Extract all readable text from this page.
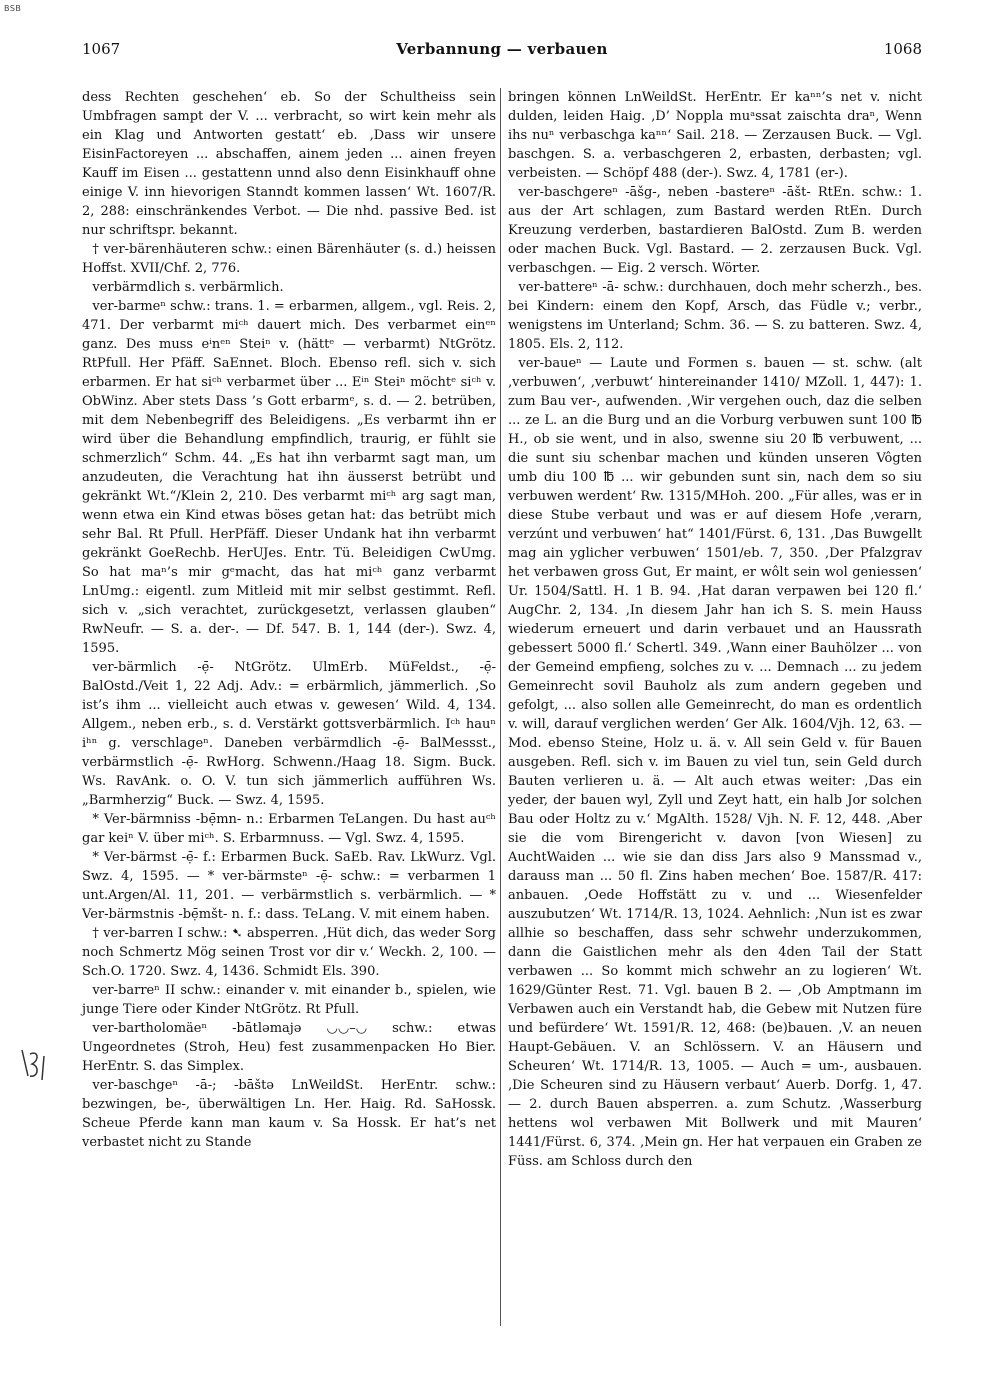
BSB
1067	Verbannung — verbauen	1068

dess Rechten geschehen‘ eb. So der Schultheiss sein Umbfragen sampt der V. ... verbracht, so wirt kein mehr als ein Klag und Antworten gestatt‘ eb. ‚Dass wir unsere EisinFactoreyen ... abschaffen, ainem jeden ... ainen freyen Kauff im Eisen ... gestattenn unnd also denn Eisinkhauff ohne einige V. inn hievorigen Stanndt kommen lassen‘ Wt. 1607/R. 2, 288: einschränkendes Verbot. — Die nhd. passive Bed. ist nur schriftspr. bekannt.

† ver-bärenhäuteren schw.: einen Bärenhäuter (s. d.) heissen Hoffst. XVII/Chf. 2, 776.

verbärmdlich s. verbärmlich.

ver-barmeⁿ schw.: trans. 1. = erbarmen, allgem., vgl. Reis. 2, 471. Der verbarmt miᶜʰ dauert mich. Des verbarmet einᵉⁿ ganz. Des muss eⁱnᵉⁿ Steiⁿ v. (hättᵉ — verbarmt) NtGrötz. RtPfull. Her Pfäff. SaEnnet. Bloch. Ebenso refl. sich v. sich erbarmen. Er hat siᶜʰ verbarmet über ... Eⁱⁿ Steiⁿ möchtᵉ siᶜʰ v. ObWinz. Aber stets Dass ’s Gott erbarmᵉ, s. d. — 2. betrüben, mit dem Nebenbegriff des Beleidigens. „Es verbarmt ihn er wird über die Behandlung empfindlich, traurig, er fühlt sie schmerzlich“ Schm. 44. „Es hat ihn verbarmt sagt man, um anzudeuten, die Verachtung hat ihn äusserst betrübt und gekränkt Wt.“/Klein 2, 210. Des verbarmt miᶜʰ arg sagt man, wenn etwa ein Kind etwas böses getan hat: das betrübt mich sehr Bal. Rt Pfull. HerPfäff. Dieser Undank hat ihn verbarmt gekränkt GoeRechb. HerUJes. Entr. Tü. Beleidigen CwUmg. So hat maⁿ’s mir gᵉmacht, das hat miᶜʰ ganz verbarmt LnUmg.: eigentl. zum Mitleid mit mir selbst gestimmt. Refl. sich v. „sich verachtet, zurückgesetzt, verlassen glauben“ RwNeufr. — S. a. der-. — Df. 547. B. 1, 144 (der-). Swz. 4, 1595.

ver-bärmlich -ẹ̄- NtGrötz. UlmErb. MüFeldst., -ẹ̄- BalOstd./Veit 1, 22 Adj. Adv.: = erbärmlich, jämmerlich. ‚So ist’s ihm ... vielleicht auch etwas v. gewesen‘ Wild. 4, 134. Allgem., neben erb., s. d. Verstärkt gottsverbärmlich. Iᶜʰ hauⁿ iʰⁿ g. verschlageⁿ. Daneben verbärmdlich -ẹ̄- BalMessst., verbärmstlich -ẹ̄- RwHorg. Schwenn./Haag 18. Sigm. Buck. Ws. RavAnk. o. O. V. tun sich jämmerlich aufführen Ws. „Barmherzig“ Buck. — Swz. 4, 1595.

* Ver-bärmniss -bẹ̄mn- n.: Erbarmen TeLangen. Du hast auᶜʰ gar keiⁿ V. über miᶜʰ. S. Erbarmnuss. — Vgl. Swz. 4, 1595.

* Ver-bärmst -ẹ̄- f.: Erbarmen Buck. SaEb. Rav. LkWurz. Vgl. Swz. 4, 1595. — * ver-bärmsteⁿ -ẹ̄- schw.: = verbarmen 1 unt.Argen/Al. 11, 201. — verbärmstlich s. verbärmlich. — * Ver-bärmstnis -bẹ̄mšt- n. f.: dass. TeLang. V. mit einem haben.

† ver-barren I schw.: ➷ absperren. ‚Hüt dich, das weder Sorg noch Schmertz Mög seinen Trost vor dir v.‘ Weckh. 2, 100. — Sch.O. 1720. Swz. 4, 1436. Schmidt Els. 390.

ver-barreⁿ II schw.: einander v. mit einander b., spielen, wie junge Tiere oder Kinder NtGrötz. Rt Pfull.

ver-bartholomäeⁿ -bātləmajə ◡◡–◡ schw.: etwas Ungeordnetes (Stroh, Heu) fest zusammenpacken Ho Bier. HerEntr. S. das Simplex.

ver-baschgeⁿ -ā-; -bāštə LnWeildSt. HerEntr. schw.: bezwingen, be-, überwältigen Ln. Her. Haig. Rd. SaHossk. Scheue Pferde kann man kaum v. Sa Hossk. Er hat’s net verbastet nicht zu Stande

bringen können LnWeildSt. HerEntr. Er kaⁿⁿ’s net v. nicht dulden, leiden Haig. ‚D’ Noppla muᵃssat zaischta draⁿ, Wenn ihs nuⁿ verbaschga kaⁿⁿ‘ Sail. 218. — Zerzausen Buck. — Vgl. baschgen. S. a. verbaschgeren 2, erbasten, derbasten; vgl. verbeisten. — Schöpf 488 (der-). Swz. 4, 1781 (er-).

ver-baschgereⁿ -āšg-, neben -bastereⁿ -āšt- RtEn. schw.: 1. aus der Art schlagen, zum Bastard werden RtEn. Durch Kreuzung verderben, bastardieren BalOstd. Zum B. werden oder machen Buck. Vgl. Bastard. — 2. zerzausen Buck. Vgl. verbaschgen. — Eig. 2 versch. Wörter.

ver-battereⁿ -ā- schw.: durchhauen, doch mehr scherzh., bes. bei Kindern: einem den Kopf, Arsch, das Füdle v.; verbr., wenigstens im Unterland; Schm. 36. — S. zu batteren. Swz. 4, 1805. Els. 2, 112.

ver-baueⁿ — Laute und Formen s. bauen — st. schw. (alt ‚verbuwen‘, ‚verbuwt‘ hintereinander 1410/ MZoll. 1, 447): 1. zum Bau ver-, aufwenden. ‚Wir vergehen ouch, daz die selben ... ze L. an die Burg und an die Vorburg verbuwen sunt 100 ℔ H., ob sie went, und in also, swenne siu 20 ℔ verbuwent, ... die sunt siu schenbar machen und künden unseren Vôgten umb diu 100 ℔ ... wir gebunden sunt sin, nach dem so siu verbuwen werdent‘ Rw. 1315/MHoh. 200. „Für alles, was er in diese Stube verbaut und was er auf diesem Hofe ‚verarn, verzúnt und verbuwen‘ hat“ 1401/Fürst. 6, 131. ‚Das Buwgellt mag ain yglicher verbuwen‘ 1501/eb. 7, 350. ‚Der Pfalzgrav het verbawen gross Gut, Er maint, er wôlt sein wol geniessen‘ Ur. 1504/Sattl. H. 1 B. 94. ‚Hat daran verpawen bei 120 fl.‘ AugChr. 2, 134. ‚In diesem Jahr han ich S. S. mein Hauss wiederum erneuert und darin verbauet und an Haussrath gebessert 5000 fl.‘ Schertl. 349. ‚Wann einer Bauhölzer ... von der Gemeind empfieng, solches zu v. ... Demnach ... zu jedem Gemeinrecht sovil Bauholz als zum andern gegeben und gefolgt, ... also sollen alle Gemeinrecht, do man es ordentlich v. will, darauf verglichen werden‘ Ger Alk. 1604/Vjh. 12, 63. — Mod. ebenso Steine, Holz u. ä. v. All sein Geld v. für Bauen ausgeben. Refl. sich v. im Bauen zu viel tun, sein Geld durch Bauten verlieren u. ä. — Alt auch etwas weiter: ‚Das ein yeder, der bauen wyl, Zyll und Zeyt hatt, ein halb Jor solchen Bau oder Holtz zu v.‘ MgAlth. 1528/ Vjh. N. F. 12, 448. ‚Aber sie die vom Birengericht v. davon [von Wiesen] zu AuchtWaiden ... wie sie dan diss Jars also 9 Manssmad v., darauss man ... 50 fl. Zins haben mechen‘ Boe. 1587/R. 417: anbauen. ‚Oede Hoffstätt zu v. und ... Wiesenfelder auszubutzen‘ Wt. 1714/R. 13, 1024. Aehnlich: ‚Nun ist es zwar allhie so beschaffen, dass sehr schwehr underzukommen, dann die Gaistlichen mehr als den 4den Tail der Statt verbawen ... So kommt mich schwehr an zu logieren‘ Wt. 1629/Günter Rest. 71. Vgl. bauen B 2. — ‚Ob Amptmann im Verbawen auch ein Verstandt hab, die Gebew mit Nutzen füre und befürdere‘ Wt. 1591/R. 12, 468: (be)bauen. ‚V. an neuen Haupt-Gebäuen. V. an Schlössern. V. an Häusern und Scheuren‘ Wt. 1714/R. 13, 1005. — Auch = um-, ausbauen. ‚Die Scheuren sind zu Häusern verbaut‘ Auerb. Dorfg. 1, 47. — 2. durch Bauen absperren. a. zum Schutz. ‚Wasserburg hettens wol verbawen Mit Bollwerk und mit Mauren‘ 1441/Fürst. 6, 374. ‚Mein gn. Her hat verpauen ein Graben ze Füss. am Schloss durch den
